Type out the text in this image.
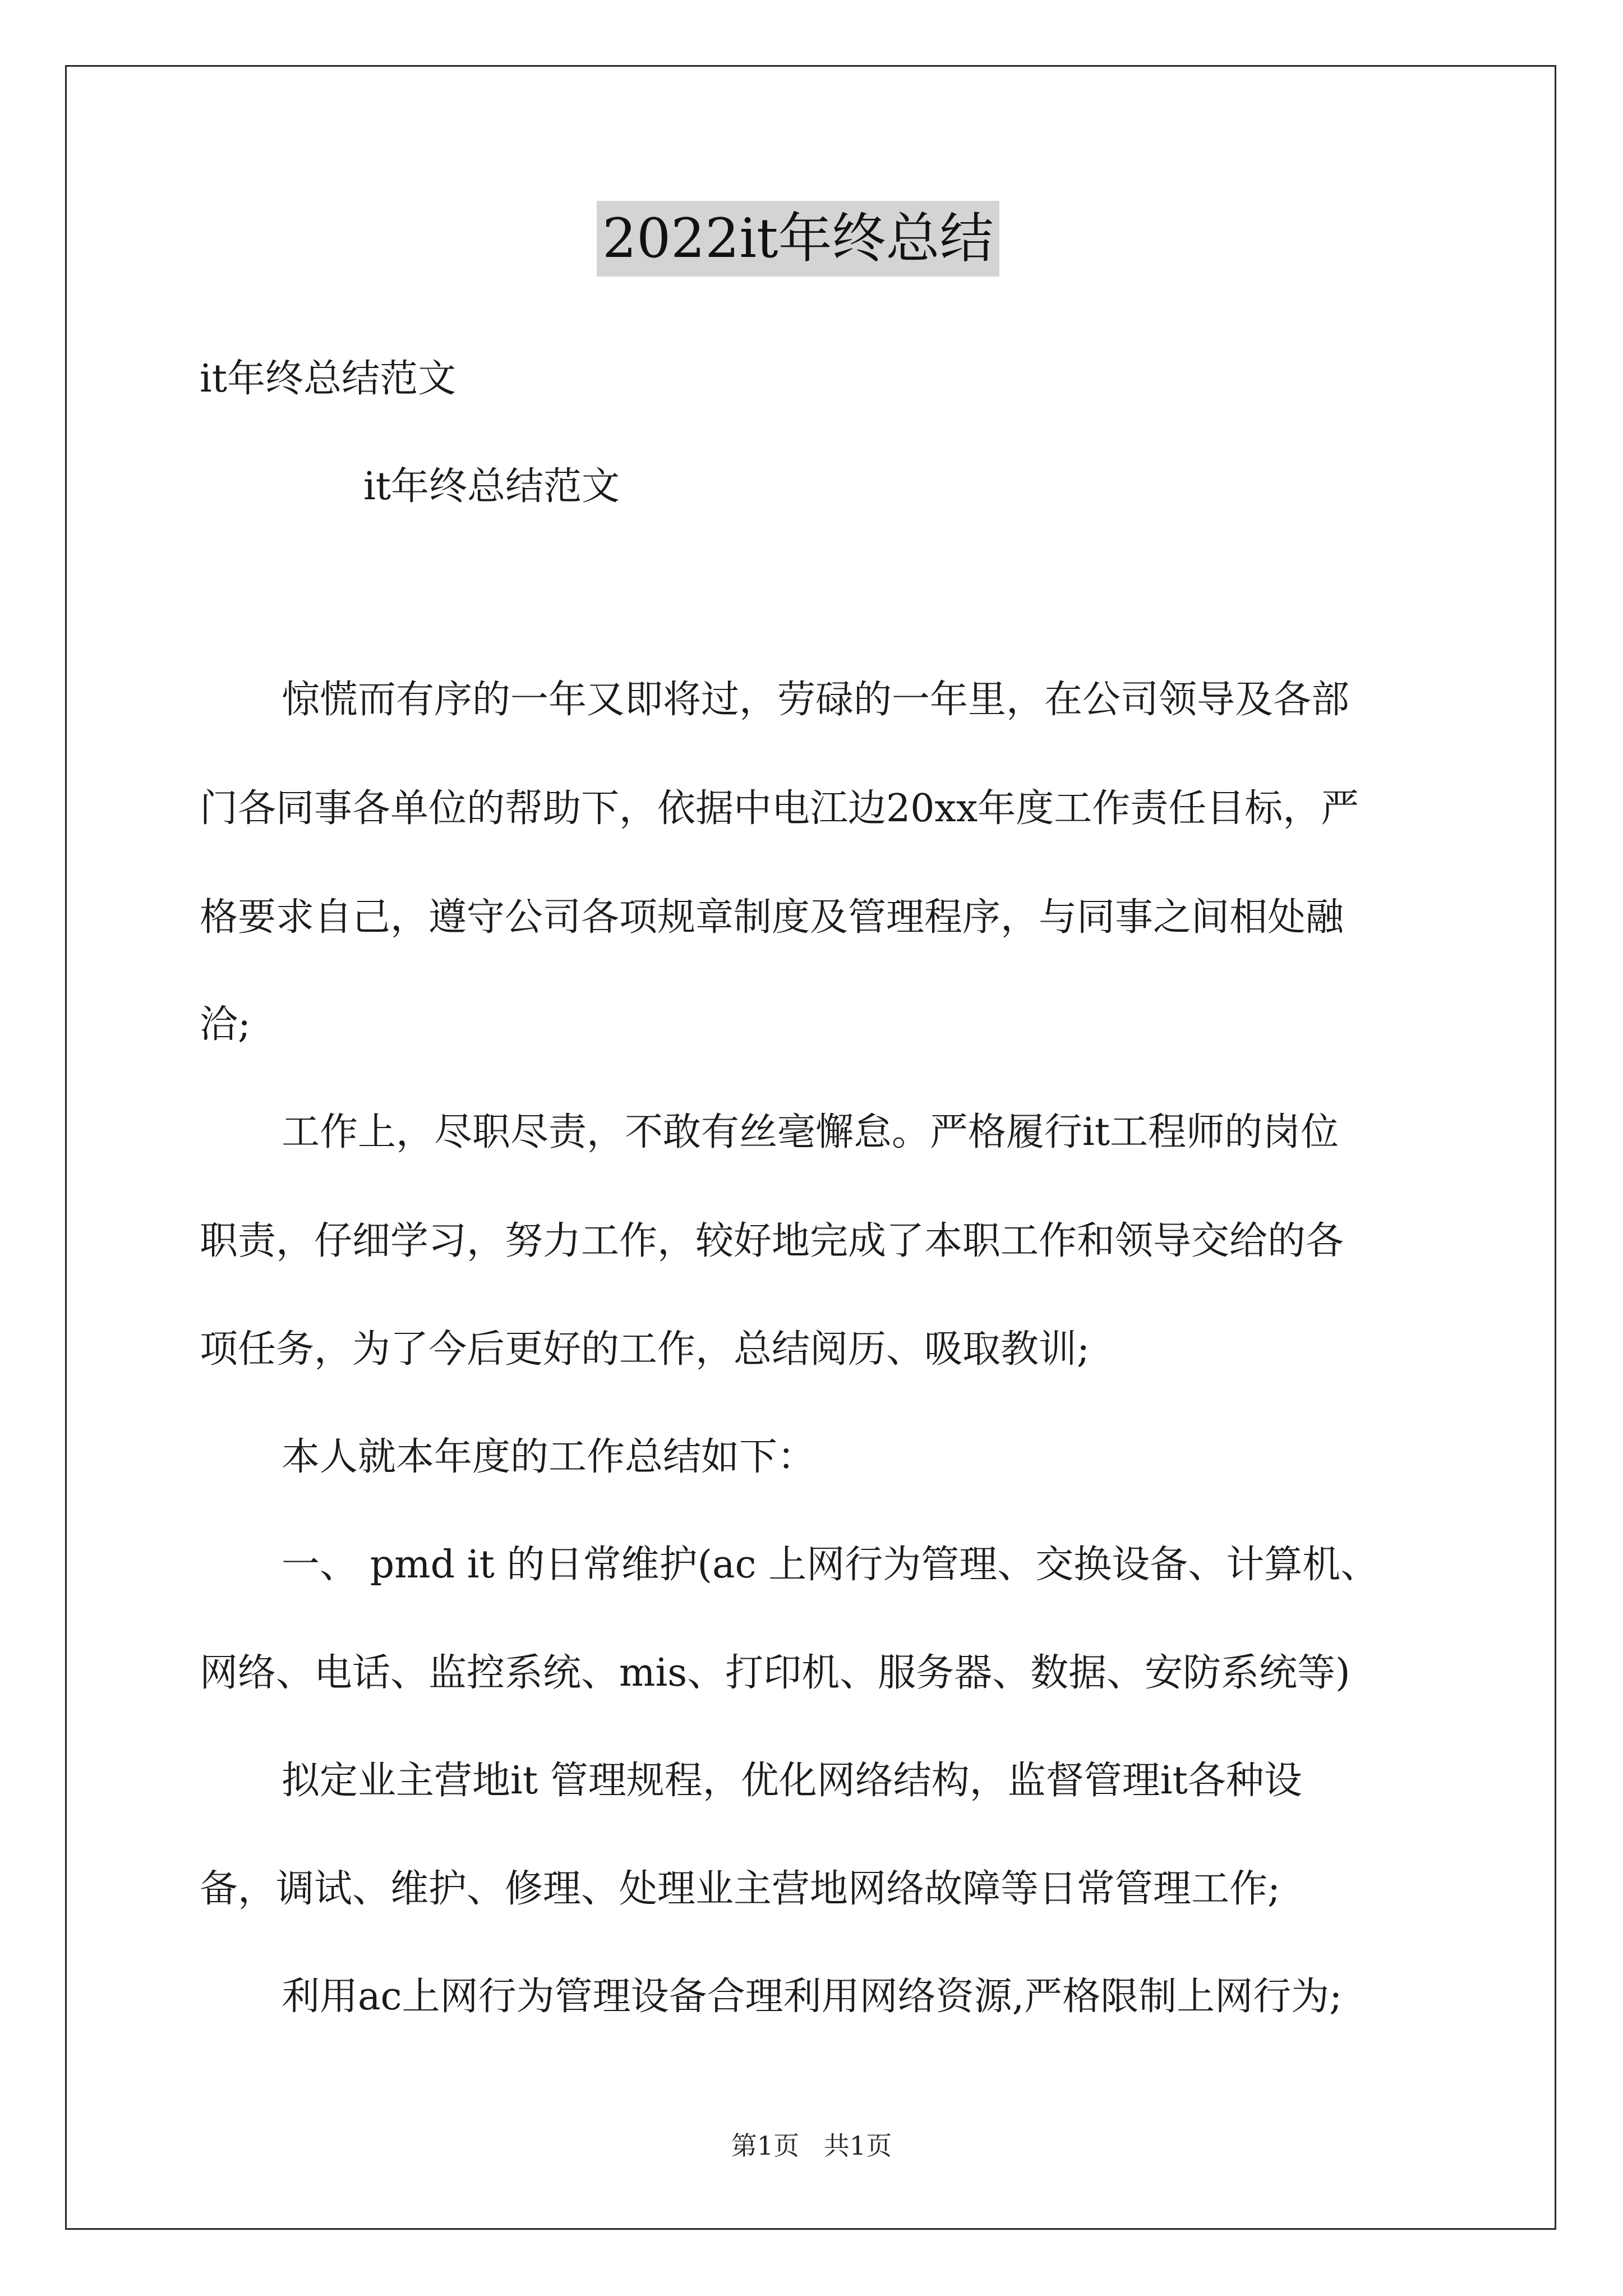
2022it年终总结
it年终总结范文
it年终总结范文
惊慌而有序的一年又即将过，劳碌的一年里，在公司领导及各部
门各同事各单位的帮助下，依据中电江边20xx年度工作责任目标，严
格要求自己，遵守公司各项规章制度及管理程序，与同事之间相处融
洽;
工作上，尽职尽责，不敢有丝毫懈怠。严格履行it工程师的岗位
职责，仔细学习，努力工作，较好地完成了本职工作和领导交给的各
项任务，为了今后更好的工作，总结阅历、吸取教训;
本人就本年度的工作总结如下：
一、 pmd it 的日常维护(ac 上网行为管理、交换设备、计算机、
网络、电话、监控系统、mis、打印机、服务器、数据、安防系统等)
拟定业主营地it 管理规程，优化网络结构，监督管理it各种设
备，调试、维护、修理、处理业主营地网络故障等日常管理工作;
利用ac上网行为管理设备合理利用网络资源,严格限制上网行为;
第1页   共1页
